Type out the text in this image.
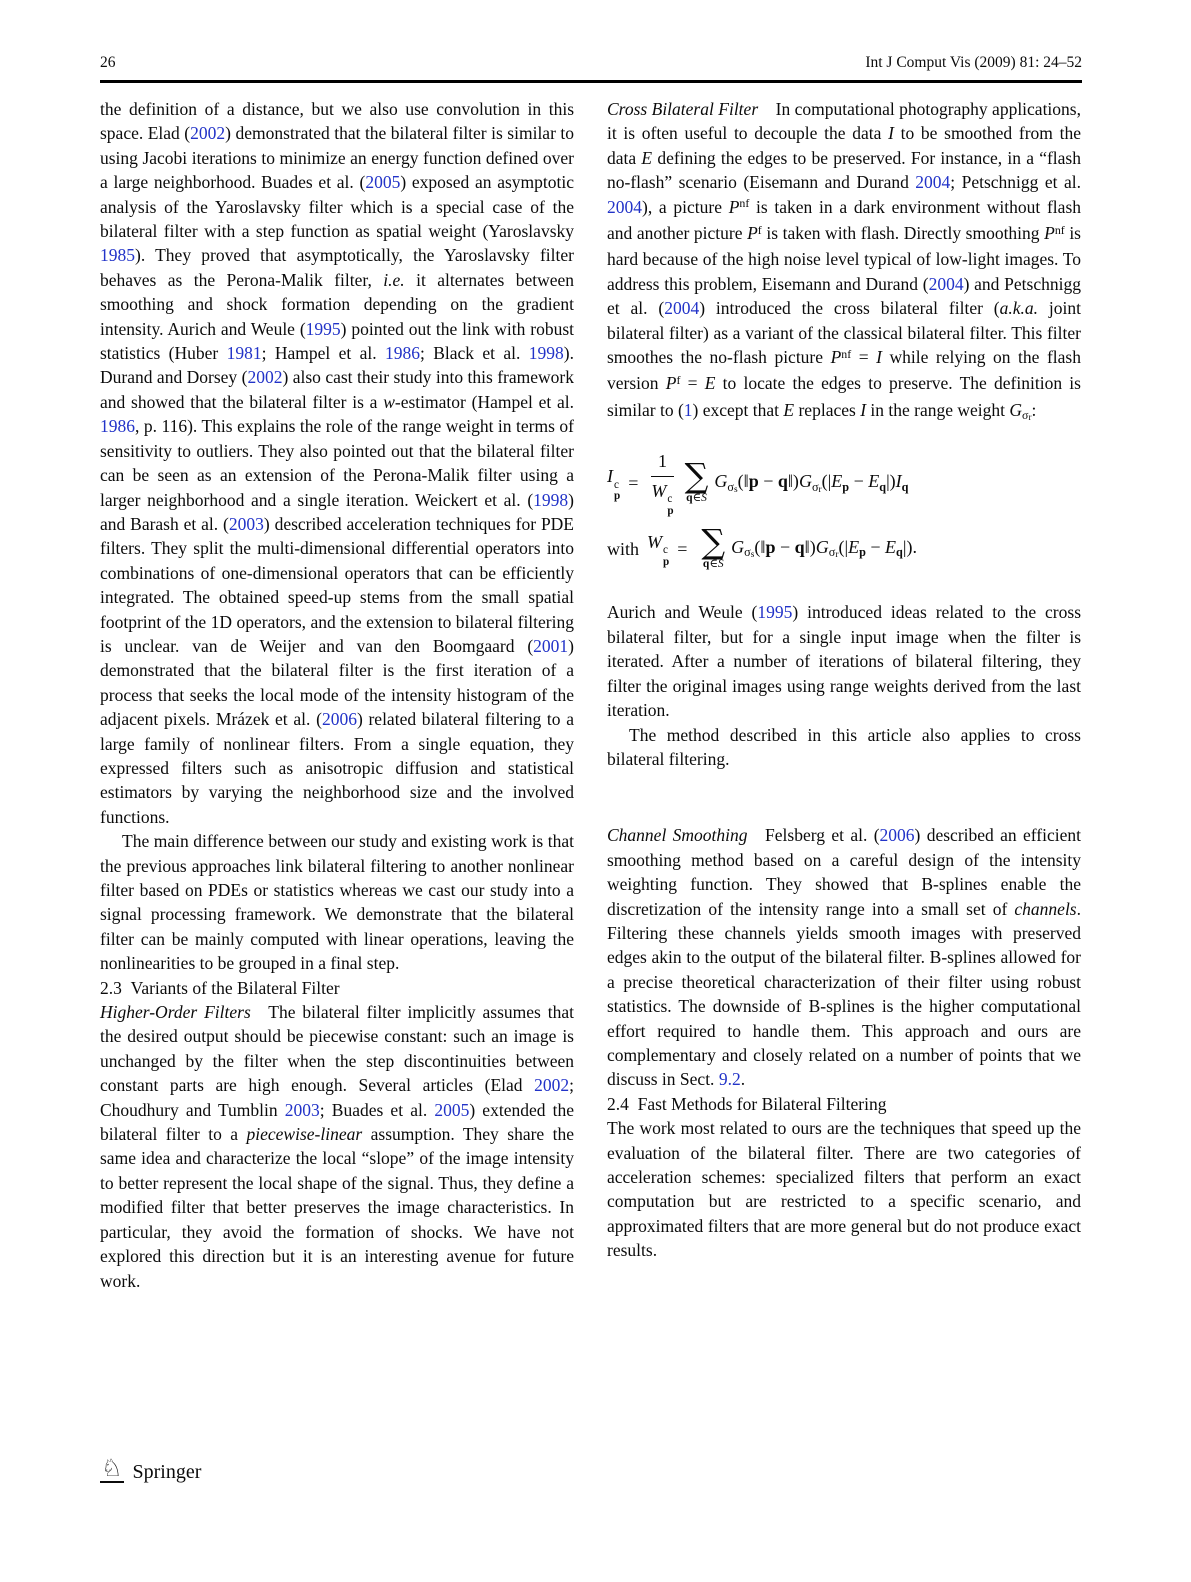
26	Int J Comput Vis (2009) 81: 24–52

the definition of a distance, but we also use convolution in this space. Elad (2002) demonstrated that the bilateral filter is similar to using Jacobi iterations to minimize an energy function defined over a large neighborhood. Buades et al. (2005) exposed an asymptotic analysis of the Yaroslavsky filter which is a special case of the bilateral filter with a step function as spatial weight (Yaroslavsky 1985). They proved that asymptotically, the Yaroslavsky filter behaves as the Perona-Malik filter, i.e. it alternates between smoothing and shock formation depending on the gradient intensity. Aurich and Weule (1995) pointed out the link with robust statistics (Huber 1981; Hampel et al. 1986; Black et al. 1998). Durand and Dorsey (2002) also cast their study into this framework and showed that the bilateral filter is a w-estimator (Hampel et al. 1986, p. 116). This explains the role of the range weight in terms of sensitivity to outliers. They also pointed out that the bilateral filter can be seen as an extension of the Perona-Malik filter using a larger neighborhood and a single iteration. Weickert et al. (1998) and Barash et al. (2003) described acceleration techniques for PDE filters. They split the multi-dimensional differential operators into combinations of one-dimensional operators that can be efficiently integrated. The obtained speed-up stems from the small spatial footprint of the 1D operators, and the extension to bilateral filtering is unclear. van de Weijer and van den Boomgaard (2001) demonstrated that the bilateral filter is the first iteration of a process that seeks the local mode of the intensity histogram of the adjacent pixels. Mrázek et al. (2006) related bilateral filtering to a large family of nonlinear filters. From a single equation, they expressed filters such as anisotropic diffusion and statistical estimators by varying the neighborhood size and the involved functions.

The main difference between our study and existing work is that the previous approaches link bilateral filtering to another nonlinear filter based on PDEs or statistics whereas we cast our study into a signal processing framework. We demonstrate that the bilateral filter can be mainly computed with linear operations, leaving the nonlinearities to be grouped in a final step.

2.3 Variants of the Bilateral Filter

Higher-Order Filters  The bilateral filter implicitly assumes that the desired output should be piecewise constant: such an image is unchanged by the filter when the step discontinuities between constant parts are high enough. Several articles (Elad 2002; Choudhury and Tumblin 2003; Buades et al. 2005) extended the bilateral filter to a piecewise-linear assumption. They share the same idea and characterize the local “slope” of the image intensity to better represent the local shape of the signal. Thus, they define a modified filter that better preserves the image characteristics. In particular, they avoid the formation of shocks. We have not explored this direction but it is an interesting avenue for future work.

Cross Bilateral Filter  In computational photography applications, it is often useful to decouple the data I to be smoothed from the data E defining the edges to be preserved. For instance, in a “flash no-flash” scenario (Eisemann and Durand 2004; Petschnigg et al. 2004), a picture $P^{nf}$ is taken in a dark environment without flash and another picture $P^f$ is taken with flash. Directly smoothing $P^{nf}$ is hard because of the high noise level typical of low-light images. To address this problem, Eisemann and Durand (2004) and Petschnigg et al. (2004) introduced the cross bilateral filter (a.k.a. joint bilateral filter) as a variant of the classical bilateral filter. This filter smoothes the no-flash picture $P^{nf} = I$ while relying on the flash version $P^f = E$ to locate the edges to preserve. The definition is similar to (1) except that E replaces I in the range weight $G\sigma_r$:

I c
p
= 1
W c
p ∑
q∈S
$G\sigma_s(‖p$ − $q‖)G\sigma_r(|Ep - Eq|)Iq$
with W c
p
= ∑
q∈S
$G\sigma_s(‖p$ − $q‖)G\sigma_r(|Ep - Eq|)$.

Aurich and Weule (1995) introduced ideas related to the cross bilateral filter, but for a single input image when the filter is iterated. After a number of iterations of bilateral filtering, they filter the original images using range weights derived from the last iteration.

The method described in this article also applies to cross bilateral filtering.

Channel Smoothing  Felsberg et al. (2006) described an efficient smoothing method based on a careful design of the intensity weighting function. They showed that B-splines enable the discretization of the intensity range into a small set of channels. Filtering these channels yields smooth images with preserved edges akin to the output of the bilateral filter. B-splines allowed for a precise theoretical characterization of their filter using robust statistics. The downside of B-splines is the higher computational effort required to handle them. This approach and ours are complementary and closely related on a number of points that we discuss in Sect. 9.2.

2.4 Fast Methods for Bilateral Filtering

The work most related to ours are the techniques that speed up the evaluation of the bilateral filter. There are two categories of acceleration schemes: specialized filters that perform an exact computation but are restricted to a specific scenario, and approximated filters that are more general but do not produce exact results.

♘ Springer
